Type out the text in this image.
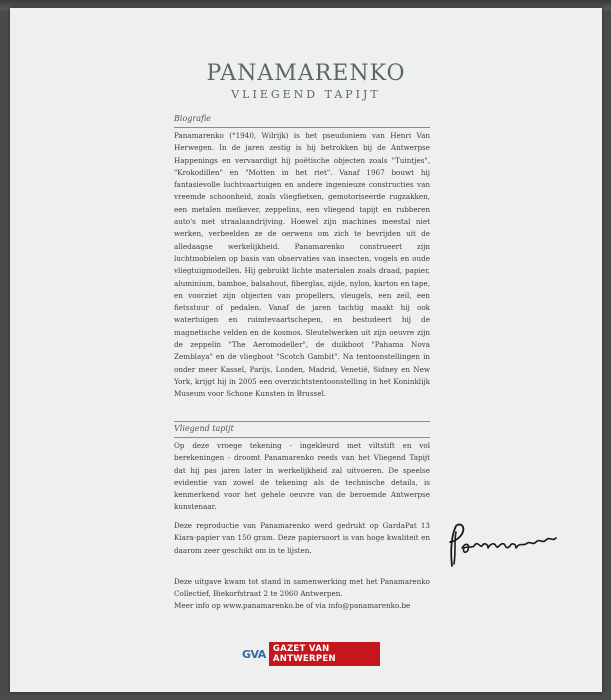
PANAMARENKO
VLIEGEND TAPIJT
Biografie

Panamarenko (°1940, Wilrijk) is het pseudoniem van Henri Van Herwegen. In de jaren zestig is hij betrokken bij de Antwerpse Happenings en vervaardigt hij poëtische objecten zoals "Tuintjes", "Krokodillen" en "Motten in het riet". Vanaf 1967 bouwt hij fantasievolle luchtvaartuigen en andere ingenieuze constructies van vreemde schoonheid, zoals vliegfietsen, gemotoriseerde rugzakken, een metalen meikever, zeppelins, een vliegend tapijt en rubberen auto's met straalaandrijving. Hoewel zijn machines meestal niet werken, verbeelden ze de oerwens om zich te bevrijden uit de alledaagse werkelijkheid. Panamarenko construeert zijn luchtmobielen op basis van observaties van insecten, vogels en oude vliegtuigmodellen. Hij gebruikt lichte materialen zoals draad, papier, aluminium, bamboe, balsahout, fiberglas, zijde, nylon, karton en tape, en voorziet zijn objecten van propellers, vleugels, een zeil, een fietsstuur of pedalen. Vanaf de jaren tachtig maakt hij ook watertuigen en ruimtevaartschepen, en bestudeert hij de magnetische velden en de kosmos. Sleutelwerken uit zijn oeuvre zijn de zeppelin "The Aeromodeller", de duikboot "Pahama Nova Zemblaya" en de vliegboot "Scotch Gambit". Na tentoonstellingen in onder meer Kassel, Parijs, Londen, Madrid, Venetië, Sidney en New York, krijgt hij in 2005 een overzichtstentoonstelling in het Koninklijk Museum voor Schone Kunsten in Brussel.

Vliegend tapijt

Op deze vroege tekening - ingekleurd met viltstift en vol berekeningen - droomt Panamarenko reeds van het Vliegend Tapijt dat hij pas jaren later in werkelijkheid zal uitvoeren. De speelse evidentie van zowel de tekening als de technische details, is kenmerkend voor het gehele oeuvre van de beroemde Antwerpse kunstenaar.

Deze reproductie van Panamarenko werd gedrukt op GardaPat 13 Kiara-papier van 150 gram. Deze papiersoort is van hoge kwaliteit en daarom zeer geschikt om in te lijsten.

Deze uitgave kwam tot stand in samenwerking met het Panamarenko Collectief, Biekorfstraat 2 te 2060 Antwerpen.

Meer info op www.panamarenko.be of via info@panamarenko.be

GVA GAZET VAN ANTWERPEN
